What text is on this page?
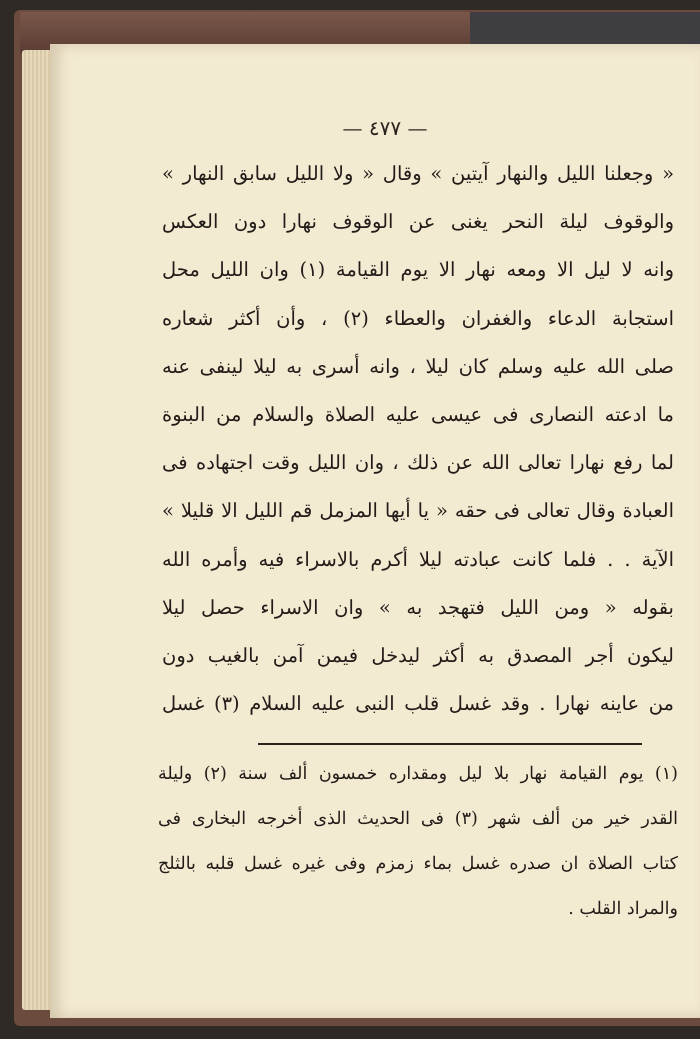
— ٤٧٧ —
« وجعلنا الليل والنهار آيتين » وقال « ولا الليل سابق النهار »
والوقوف ليلة النحر يغنى عن الوقوف نهارا دون العكس
وانه لا ليل الا ومعه نهار الا يوم القيامة (١) وان الليل محل
استجابة الدعاء والغفران والعطاء (٢) ، وأن أكثر شعاره
صلى الله عليه وسلم كان ليلا ، وانه أسرى به ليلا لينفى عنه
ما ادعته النصارى فى عيسى عليه الصلاة والسلام من البنوة
لما رفع نهارا تعالى الله عن ذلك ، وان الليل وقت اجتهاده فى
العبادة وقال تعالى فى حقه « يا أيها المزمل قم الليل الا قليلا »
الآية . . فلما كانت عبادته ليلا أكرم بالاسراء فيه وأمره الله
بقوله « ومن الليل فتهجد به » وان الاسراء حصل ليلا
ليكون أجر المصدق به أكثر ليدخل فيمن آمن بالغيب دون
من عاينه نهارا . وقد غسل قلب النبى عليه السلام (٣) غسل
(١) يوم القيامة نهار بلا ليل ومقداره خمسون ألف سنة (٢) وليلة
القدر خير من ألف شهر (٣) فى الحديث الذى أخرجه البخارى فى
كتاب الصلاة ان صدره غسل بماء زمزم وفى غيره غسل قلبه بالثلج
والمراد القلب .
